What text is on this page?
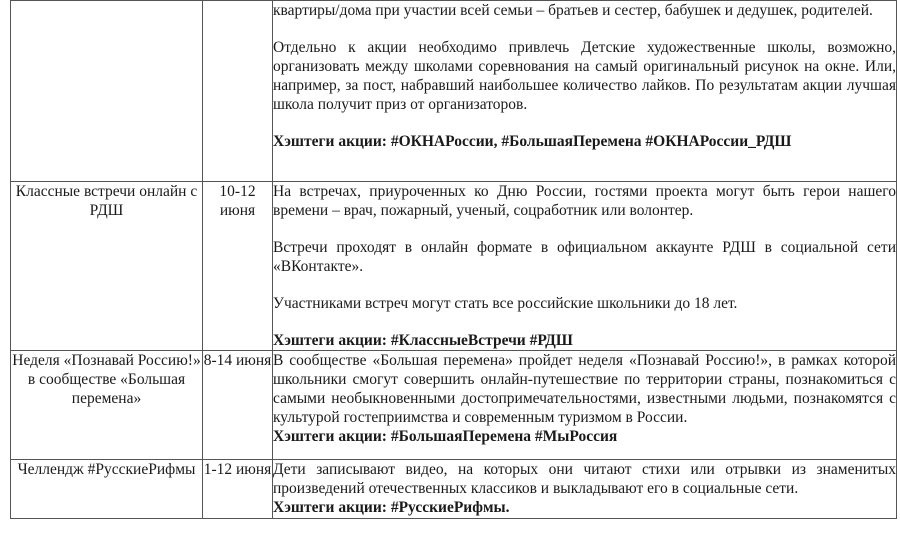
		квартиры/дома при участии всей семьи – братьев и сестер, бабушек и дедушек, родителей.

Отдельно к акции необходимо привлечь Детские художественные школы, возможно, организовать между школами соревнования на самый оригинальный рисунок на окне. Или, например, за пост, набравший наибольшее количество лайков. По результатам акции лучшая школа получит приз от организаторов.

Хэштеги акции: #ОКНАРоссии, #БольшаяПеремена #ОКНАРоссии_РДШ

Классные встречи онлайн с РДШ	10-12 июня	На встречах, приуроченных ко Дню России, гостями проекта могут быть герои нашего времени – врач, пожарный, ученый, соцработник или волонтер.

Встречи проходят в онлайн формате в официальном аккаунте РДШ в социальной сети «ВКонтакте».

Участниками встреч могут стать все российские школьники до 18 лет.

Хэштеги акции: #КлассныеВстречи #РДШ

Неделя «Познавай Россию!» в сообществе «Большая перемена»	8-14 июня	В сообществе «Большая перемена» пройдет неделя «Познавай Россию!», в рамках которой школьники смогут совершить онлайн-путешествие по территории страны, познакомиться с самыми необыкновенными достопримечательностями, известными людьми, познакомятся с культурой гостеприимства и современным туризмом в России.

Хэштеги акции: #БольшаяПеремена #МыРоссия

Челлендж #РусскиеРифмы	1-12 июня	Дети записывают видео, на которых они читают стихи или отрывки из знаменитых произведений отечественных классиков и выкладывают его в социальные сети.

Хэштеги акции: #РусскиеРифмы.
